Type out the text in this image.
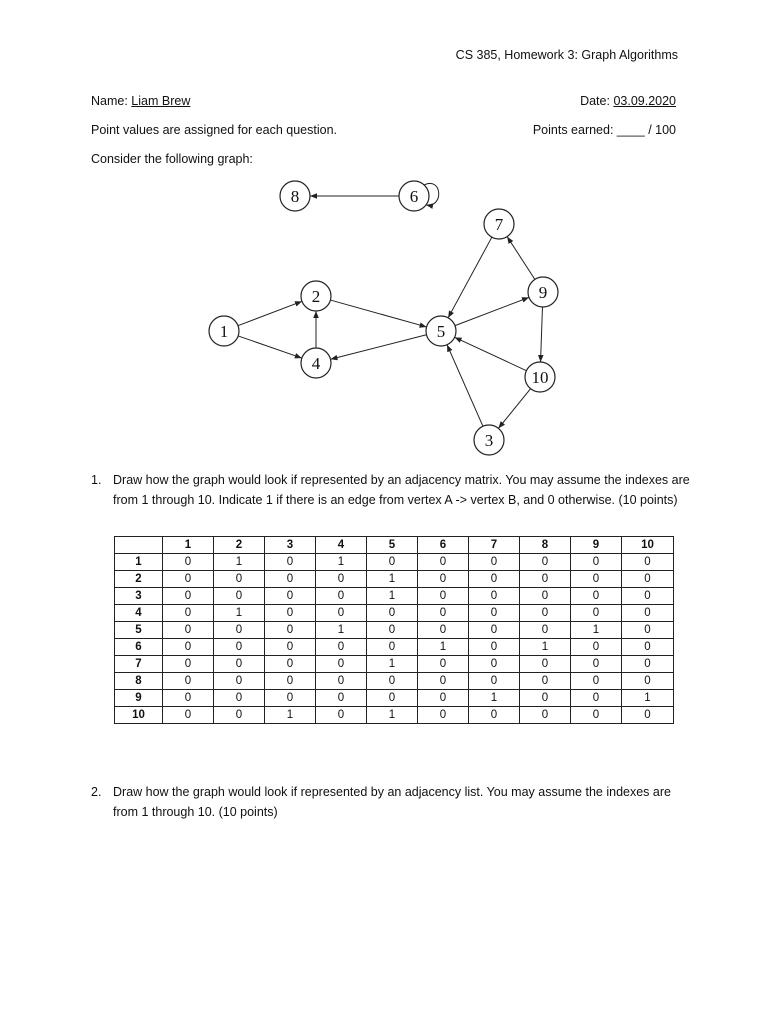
CS 385, Homework 3: Graph Algorithms
Name: Liam Brew	Date: 03.09.2020
Point values are assigned for each question.	Points earned: ____ / 100
Consider the following graph:
1
2
3
4
5
6
7
8
9
10
1. Draw how the graph would look if represented by an adjacency matrix. You may assume the indexes are from 1 through 10. Indicate 1 if there is an edge from vertex A -> vertex B, and 0 otherwise. (10 points)
	1	2	3	4	5	6	7	8	9	10
1	0	1	0	1	0	0	0	0	0	0
2	0	0	0	0	1	0	0	0	0	0
3	0	0	0	0	1	0	0	0	0	0
4	0	1	0	0	0	0	0	0	0	0
5	0	0	0	1	0	0	0	0	1	0
6	0	0	0	0	0	1	0	1	0	0
7	0	0	0	0	1	0	0	0	0	0
8	0	0	0	0	0	0	0	0	0	0
9	0	0	0	0	0	0	1	0	0	1
10	0	0	1	0	1	0	0	0	0	0
2. Draw how the graph would look if represented by an adjacency list. You may assume the indexes are from 1 through 10. (10 points)
